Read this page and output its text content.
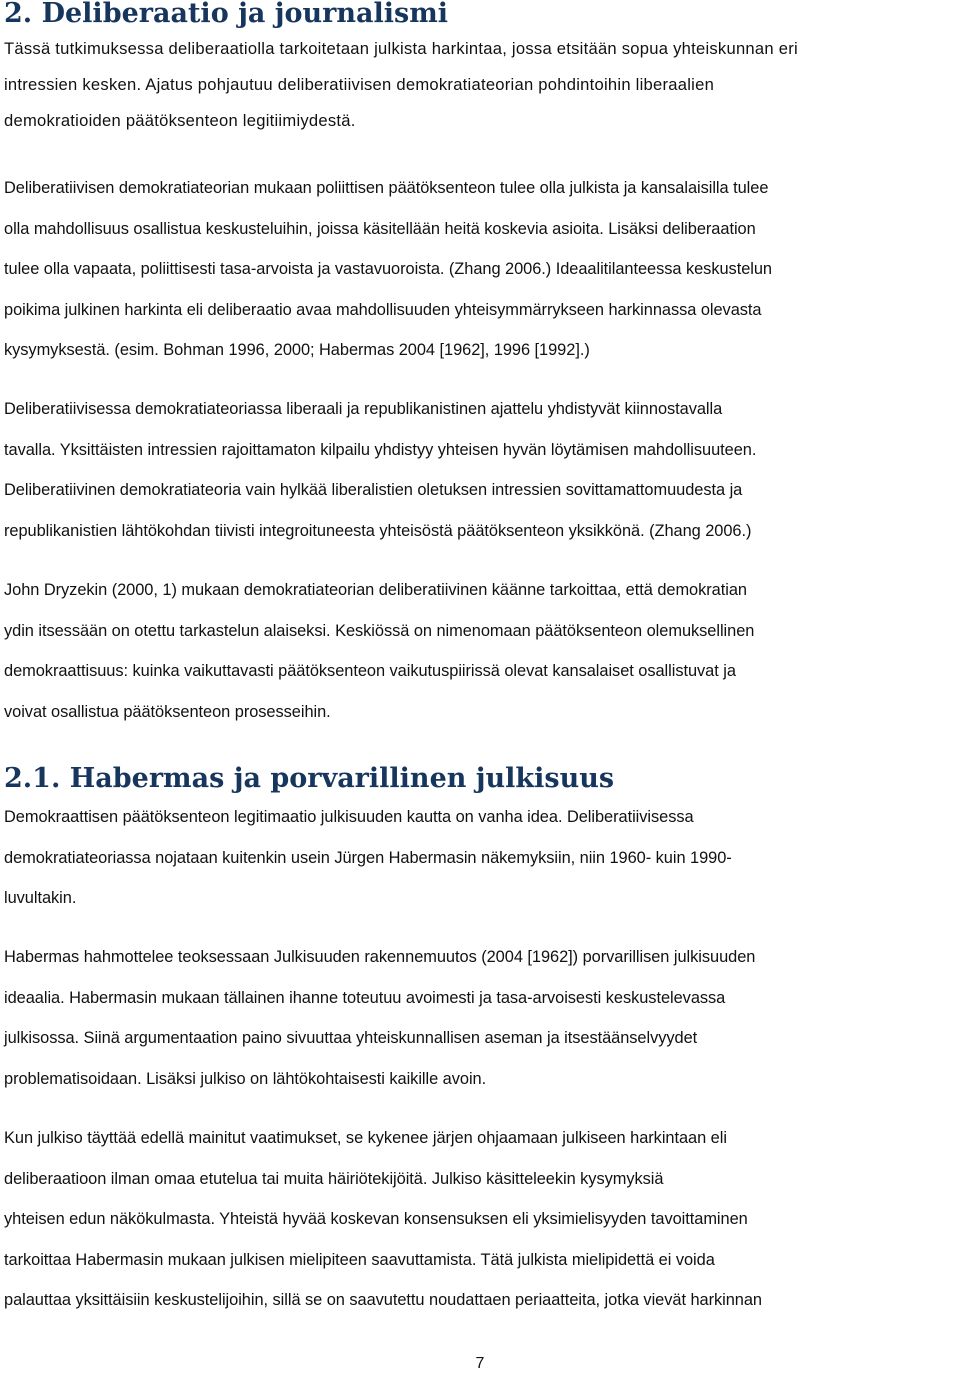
2. Deliberaatio ja journalismi
Tässä tutkimuksessa deliberaatiolla tarkoitetaan julkista harkintaa, jossa etsitään sopua yhteiskunnan eri
intressien kesken. Ajatus pohjautuu deliberatiivisen demokratiateorian pohdintoihin liberaalien
demokratioiden päätöksenteon legitiimiydestä.
Deliberatiivisen demokratiateorian mukaan poliittisen päätöksenteon tulee olla julkista ja kansalaisilla tulee
olla mahdollisuus osallistua keskusteluihin, joissa käsitellään heitä koskevia asioita. Lisäksi deliberaation
tulee olla vapaata, poliittisesti tasa-arvoista ja vastavuoroista. (Zhang 2006.) Ideaalitilanteessa keskustelun
poikima julkinen harkinta eli deliberaatio avaa mahdollisuuden yhteisymmärrykseen harkinnassa olevasta
kysymyksestä. (esim. Bohman 1996, 2000; Habermas 2004 [1962], 1996 [1992].)
Deliberatiivisessa demokratiateoriassa liberaali ja republikanistinen ajattelu yhdistyvät kiinnostavalla
tavalla. Yksittäisten intressien rajoittamaton kilpailu yhdistyy yhteisen hyvän löytämisen mahdollisuuteen.
Deliberatiivinen demokratiateoria vain hylkää liberalistien oletuksen intressien sovittamattomuudesta ja
republikanistien lähtökohdan tiivisti integroituneesta yhteisöstä päätöksenteon yksikkönä. (Zhang 2006.)
John Dryzekin (2000, 1) mukaan demokratiateorian deliberatiivinen käänne tarkoittaa, että demokratian
ydin itsessään on otettu tarkastelun alaiseksi. Keskiössä on nimenomaan päätöksenteon olemuksellinen
demokraattisuus: kuinka vaikuttavasti päätöksenteon vaikutuspiirissä olevat kansalaiset osallistuvat ja
voivat osallistua päätöksenteon prosesseihin.
2.1. Habermas ja porvarillinen julkisuus
Demokraattisen päätöksenteon legitimaatio julkisuuden kautta on vanha idea. Deliberatiivisessa
demokratiateoriassa nojataan kuitenkin usein Jürgen Habermasin näkemyksiin, niin 1960- kuin 1990-
luvultakin.
Habermas hahmottelee teoksessaan Julkisuuden rakennemuutos (2004 [1962]) porvarillisen julkisuuden
ideaalia. Habermasin mukaan tällainen ihanne toteutuu avoimesti ja tasa-arvoisesti keskustelevassa
julkisossa. Siinä argumentaation paino sivuuttaa yhteiskunnallisen aseman ja itsestäänselvyydet
problematisoidaan. Lisäksi julkiso on lähtökohtaisesti kaikille avoin.
Kun julkiso täyttää edellä mainitut vaatimukset, se kykenee järjen ohjaamaan julkiseen harkintaan eli
deliberaatioon ilman omaa etutelua tai muita häiriötekijöitä. Julkiso käsitteleekin kysymyksiä
yhteisen edun näkökulmasta. Yhteistä hyvää koskevan konsensuksen eli yksimielisyyden tavoittaminen
tarkoittaa Habermasin mukaan julkisen mielipiteen saavuttamista. Tätä julkista mielipidettä ei voida
palauttaa yksittäisiin keskustelijoihin, sillä se on saavutettu noudattaen periaatteita, jotka vievät harkinnan
7
